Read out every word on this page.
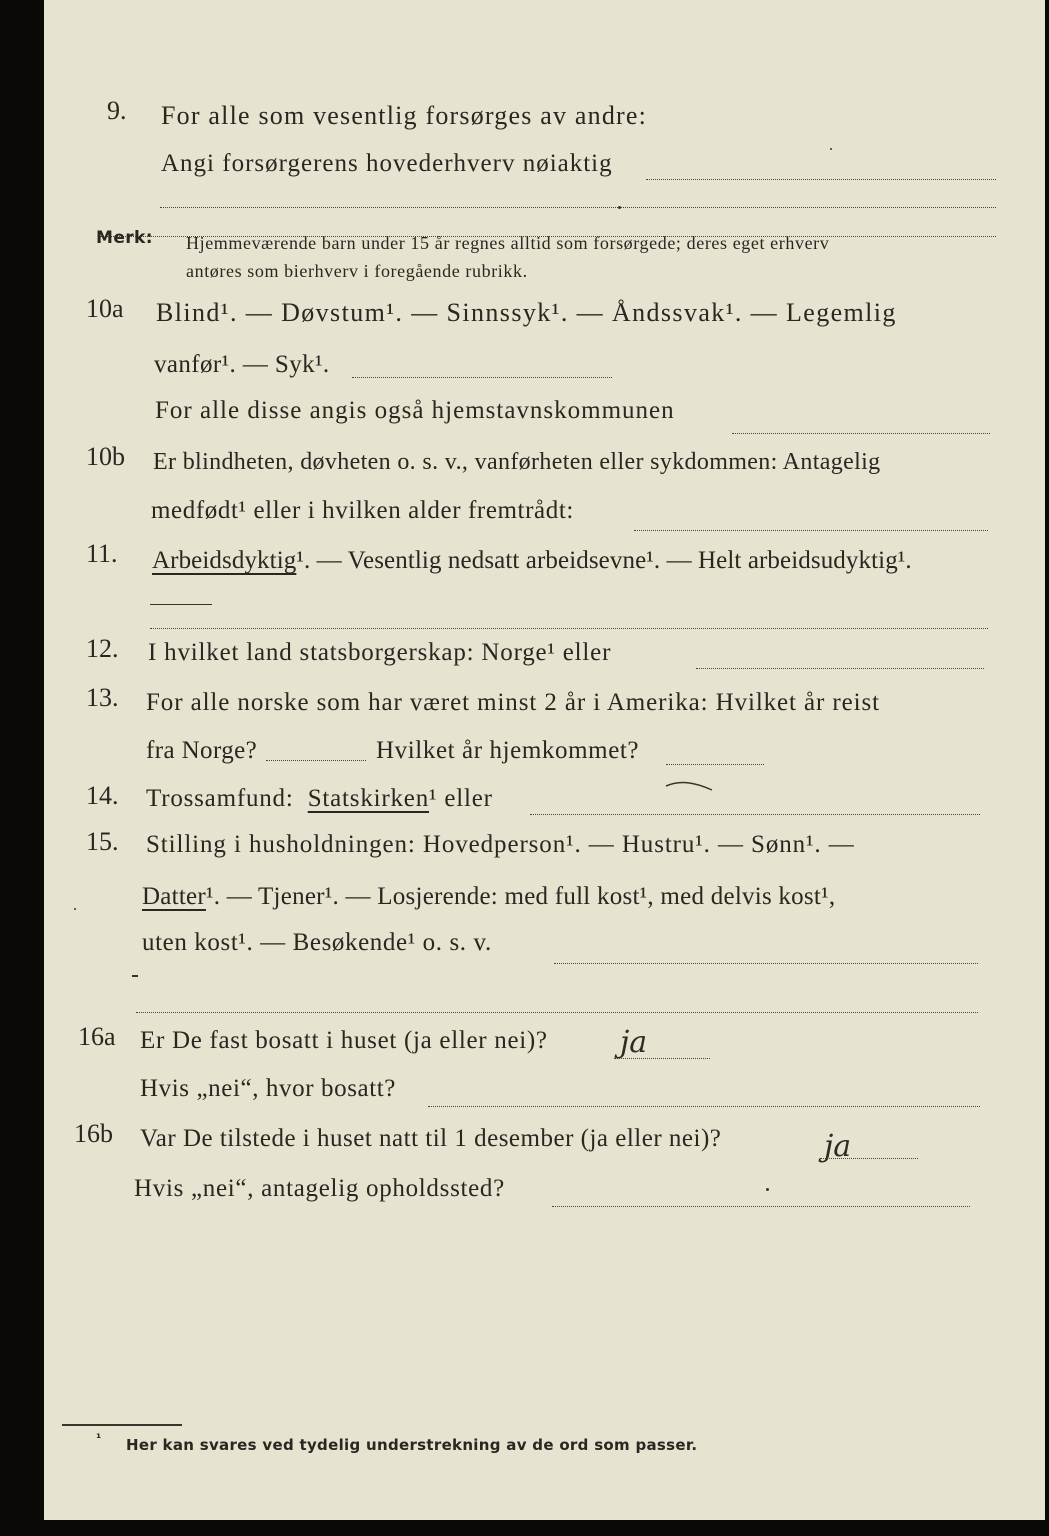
9. For alle som vesentlig forsørges av andre:
Angi forsørgerens hovederhverv nøiaktig
Merk: Hjemmeværende barn under 15 år regnes alltid som forsørgede; deres eget erhverv
antøres som bierhverv i foregående rubrikk.
10a Blind¹. — Døvstum¹. — Sinnssyk¹. — Åndssvak¹. — Legemlig
vanfør¹. — Syk¹.
For alle disse angis også hjemstavnskommunen
10b Er blindheten, døvheten o. s. v., vanførheten eller sykdommen: Antagelig
medfødt¹ eller i hvilken alder fremtrådt:
11. Arbeidsdyktig¹. — Vesentlig nedsatt arbeidsevne¹. — Helt arbeidsudyktig¹.
12. I hvilket land statsborgerskap: Norge¹ eller
13. For alle norske som har været minst 2 år i Amerika: Hvilket år reist
fra Norge?	Hvilket år hjemkommet?
14. Trossamfund: Statskirken¹ eller
15. Stilling i husholdningen: Hovedperson¹. — Hustru¹. — Sønn¹. —
Datter¹. — Tjener¹. — Losjerende: med full kost¹, med delvis kost¹,
uten kost¹. — Besøkende¹ o. s. v.
16a Er De fast bosatt i huset (ja eller nei)? ja
Hvis „nei“, hvor bosatt?
16b Var De tilstede i huset natt til 1 desember (ja eller nei)?	ja
Hvis „nei“, antagelig opholdssted?
¹ Her kan svares ved tydelig understrekning av de ord som passer.
